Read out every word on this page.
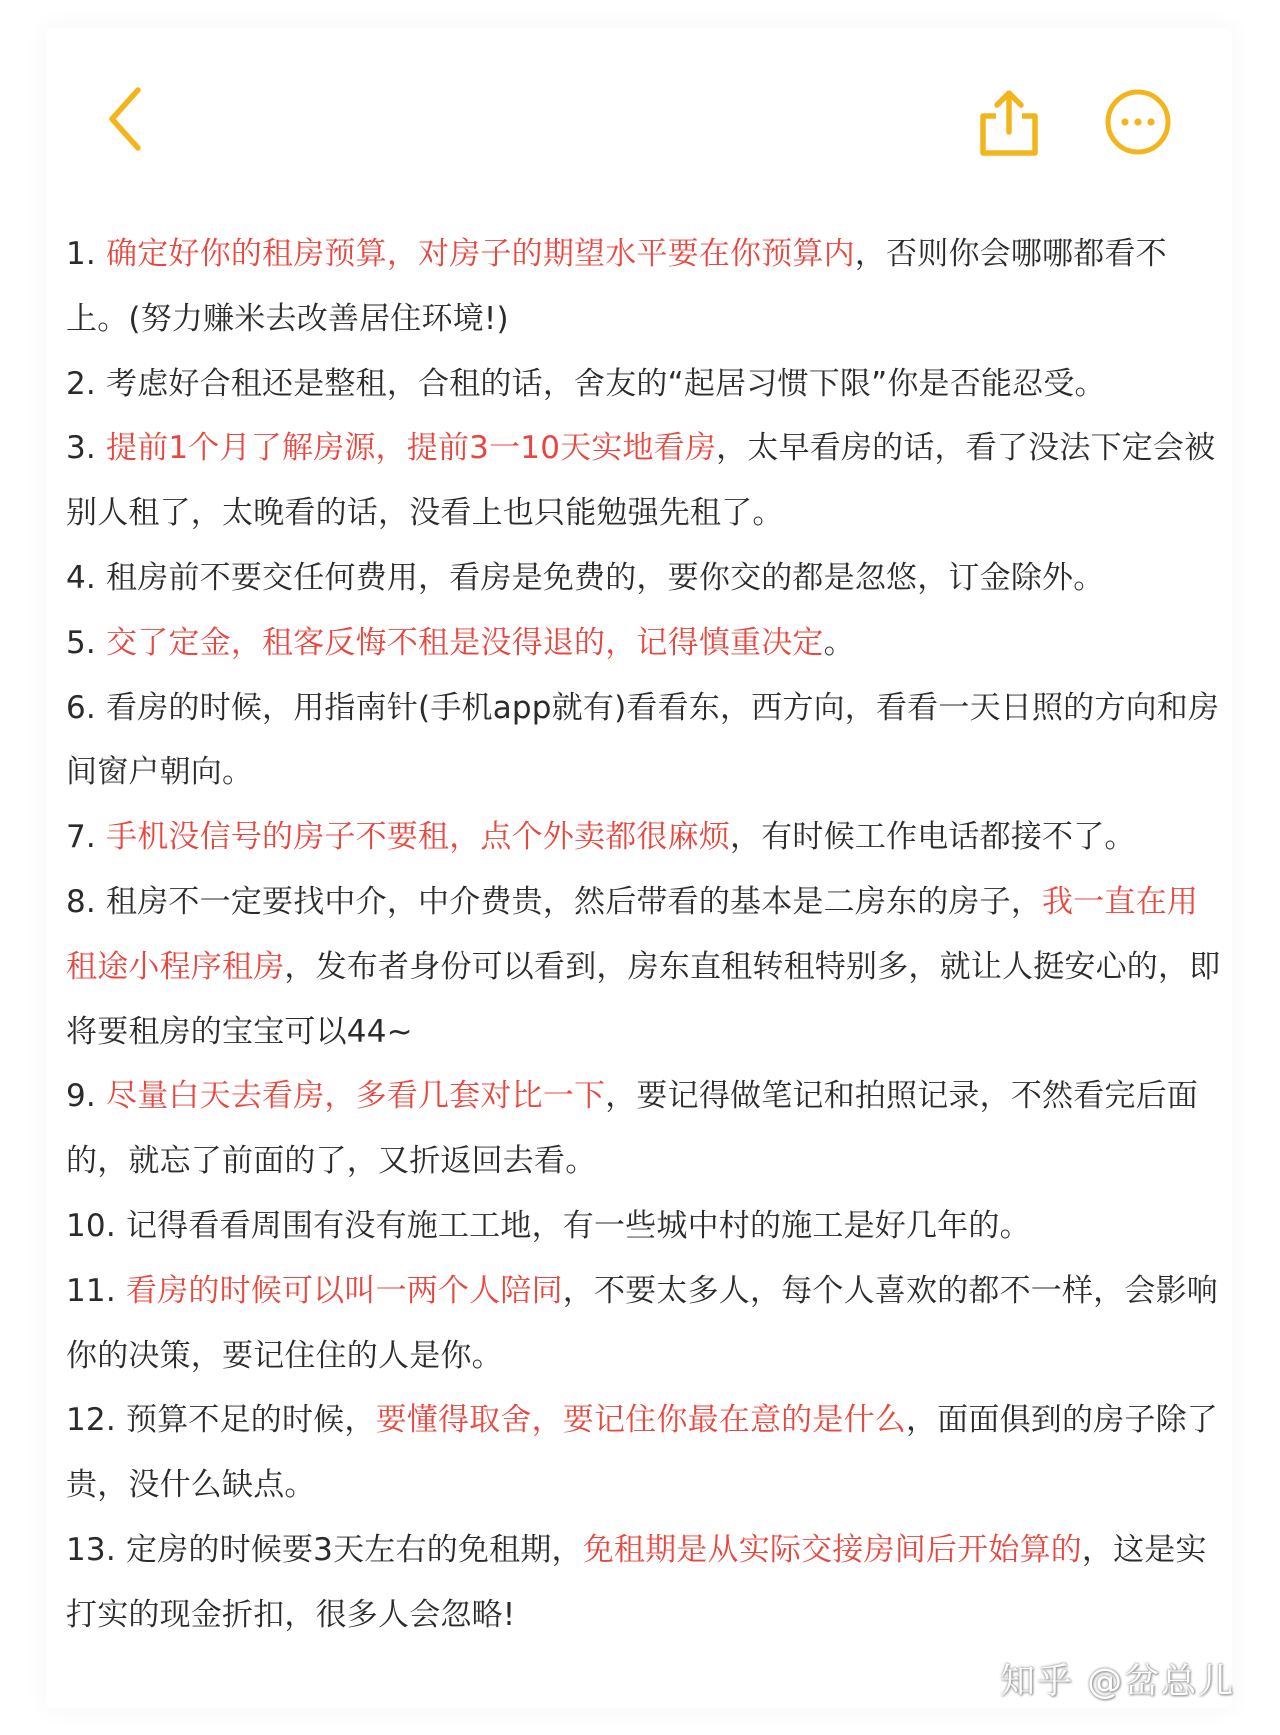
1. 确定好你的租房预算，对房子的期望水平要在你预算内，否则你会哪哪都看不上。(努力赚米去改善居住环境!)

2. 考虑好合租还是整租，合租的话，舍友的“起居习惯下限”你是否能忍受。

3. 提前1个月了解房源，提前3一10天实地看房，太早看房的话，看了没法下定会被别人租了，太晚看的话，没看上也只能勉强先租了。

4. 租房前不要交任何费用，看房是免费的，要你交的都是忽悠，订金除外。

5. 交了定金，租客反悔不租是没得退的，记得慎重决定。

6. 看房的时候，用指南针(手机app就有)看看东，西方向，看看一天日照的方向和房间窗户朝向。

7. 手机没信号的房子不要租，点个外卖都很麻烦，有时候工作电话都接不了。

8. 租房不一定要找中介，中介费贵，然后带看的基本是二房东的房子，我一直在用租途小程序租房，发布者身份可以看到，房东直租转租特别多，就让人挺安心的，即将要租房的宝宝可以44~

9. 尽量白天去看房，多看几套对比一下，要记得做笔记和拍照记录，不然看完后面的，就忘了前面的了，又折返回去看。

10. 记得看看周围有没有施工工地，有一些城中村的施工是好几年的。

11. 看房的时候可以叫一两个人陪同，不要太多人，每个人喜欢的都不一样，会影响你的决策，要记住住的人是你。

12. 预算不足的时候，要懂得取舍，要记住你最在意的是什么，面面俱到的房子除了贵，没什么缺点。

13. 定房的时候要3天左右的免租期，免租期是从实际交接房间后开始算的，这是实打实的现金折扣，很多人会忽略!

知乎 @岔总儿
